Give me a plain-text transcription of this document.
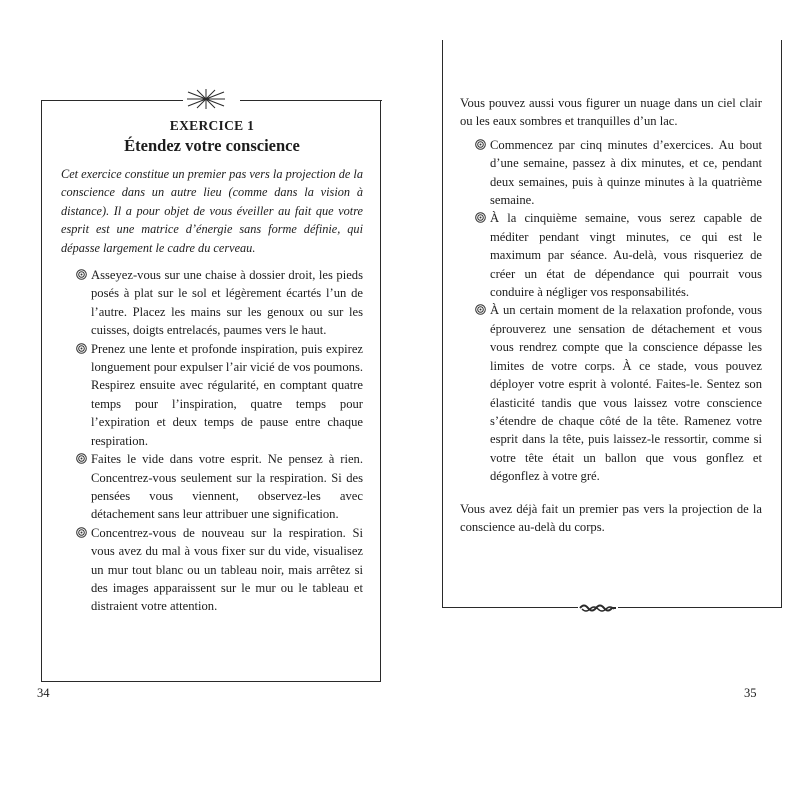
EXERCICE 1
Étendez votre conscience

Cet exercice constitue un premier pas vers la projection de la conscience dans un autre lieu (comme dans la vision à distance). Il a pour objet de vous éveiller au fait que votre esprit est une matrice d’énergie sans forme définie, qui dépasse largement le cadre du cerveau.

Asseyez-vous sur une chaise à dossier droit, les pieds posés à plat sur le sol et légèrement écartés l’un de l’autre. Placez les mains sur les genoux ou sur les cuisses, doigts entrelacés, paumes vers le haut.
Prenez une lente et profonde inspiration, puis expirez longuement pour expulser l’air vicié de vos poumons. Respirez ensuite avec régularité, en comptant quatre temps pour l’inspiration, quatre temps pour l’expiration et deux temps de pause entre chaque respiration.
Faites le vide dans votre esprit. Ne pensez à rien. Concentrez-vous seulement sur la respiration. Si des pensées vous viennent, observez-les avec détachement sans leur attribuer une signification.
Concentrez-vous de nouveau sur la respiration. Si vous avez du mal à vous fixer sur du vide, visualisez un mur tout blanc ou un tableau noir, mais arrêtez si des images apparaissent sur le mur ou le tableau et distraient votre attention.
34

Vous pouvez aussi vous figurer un nuage dans un ciel clair ou les eaux sombres et tranquilles d’un lac.

Commencez par cinq minutes d’exercices. Au bout d’une semaine, passez à dix minutes, et ce, pendant deux semaines, puis à quinze minutes à la quatrième semaine.
À la cinquième semaine, vous serez capable de méditer pendant vingt minutes, ce qui est le maximum par séance. Au-delà, vous risqueriez de créer un état de dépendance qui pourrait vous conduire à négliger vos responsabilités.
À un certain moment de la relaxation profonde, vous éprouverez une sensation de détachement et vous vous rendrez compte que la conscience dépasse les limites de votre corps. À ce stade, vous pouvez déployer votre esprit à volonté. Faites-le. Sentez son élasticité tandis que vous laissez votre conscience s’étendre de chaque côté de la tête. Ramenez votre esprit dans la tête, puis laissez-le ressortir, comme si votre tête était un ballon que vous gonflez et dégonflez à votre gré.

Vous avez déjà fait un premier pas vers la projection de la conscience au-delà du corps.

35
